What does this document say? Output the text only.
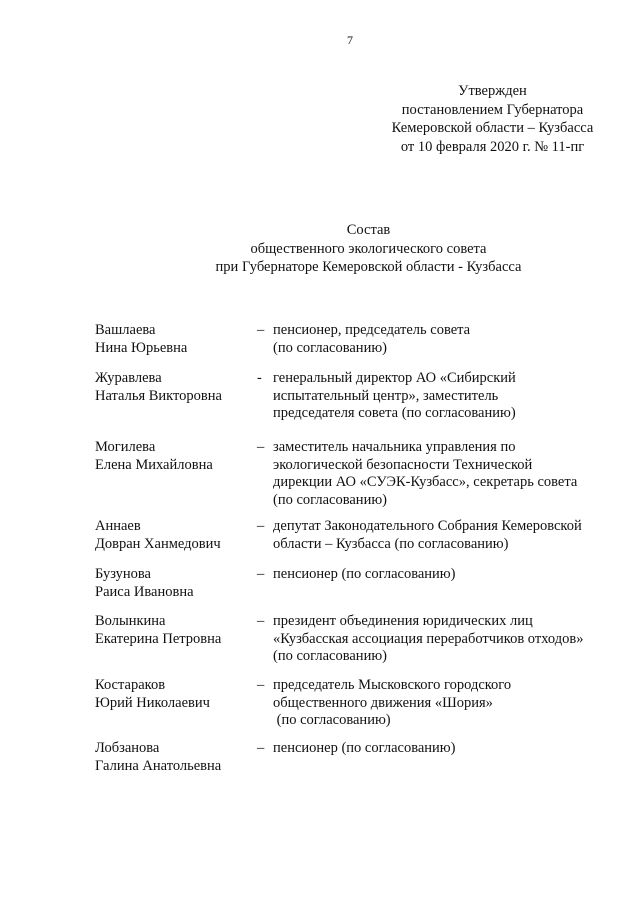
7
Утвержден
постановлением Губернатора
Кемеровской области – Кузбасса
от 10 февраля 2020 г. № 11-пг
Состав
общественного экологического совета
при Губернаторе Кемеровской области - Кузбасса
Вашлаева
Нина Юрьевна
– пенсионер, председатель совета
(по согласованию)
Журавлева
Наталья Викторовна
- генеральный директор АО «Сибирский
испытательный центр», заместитель
председателя совета (по согласованию)
Могилева
Елена Михайловна
– заместитель начальника управления по
экологической безопасности Технической
дирекции АО «СУЭК-Кузбасс», секретарь совета
(по согласованию)
Аннаев
Довран Ханмедович
– депутат Законодательного Собрания Кемеровской
области – Кузбасса (по согласованию)
Бузунова
Раиса Ивановна
– пенсионер (по согласованию)
Волынкина
Екатерина Петровна
– президент объединения юридических лиц
«Кузбасская ассоциация переработчиков отходов»
(по согласованию)
Костараков
Юрий Николаевич
– председатель Мысковского городского
общественного движения «Шория»
(по согласованию)
Лобзанова
Галина Анатольевна
– пенсионер (по согласованию)
